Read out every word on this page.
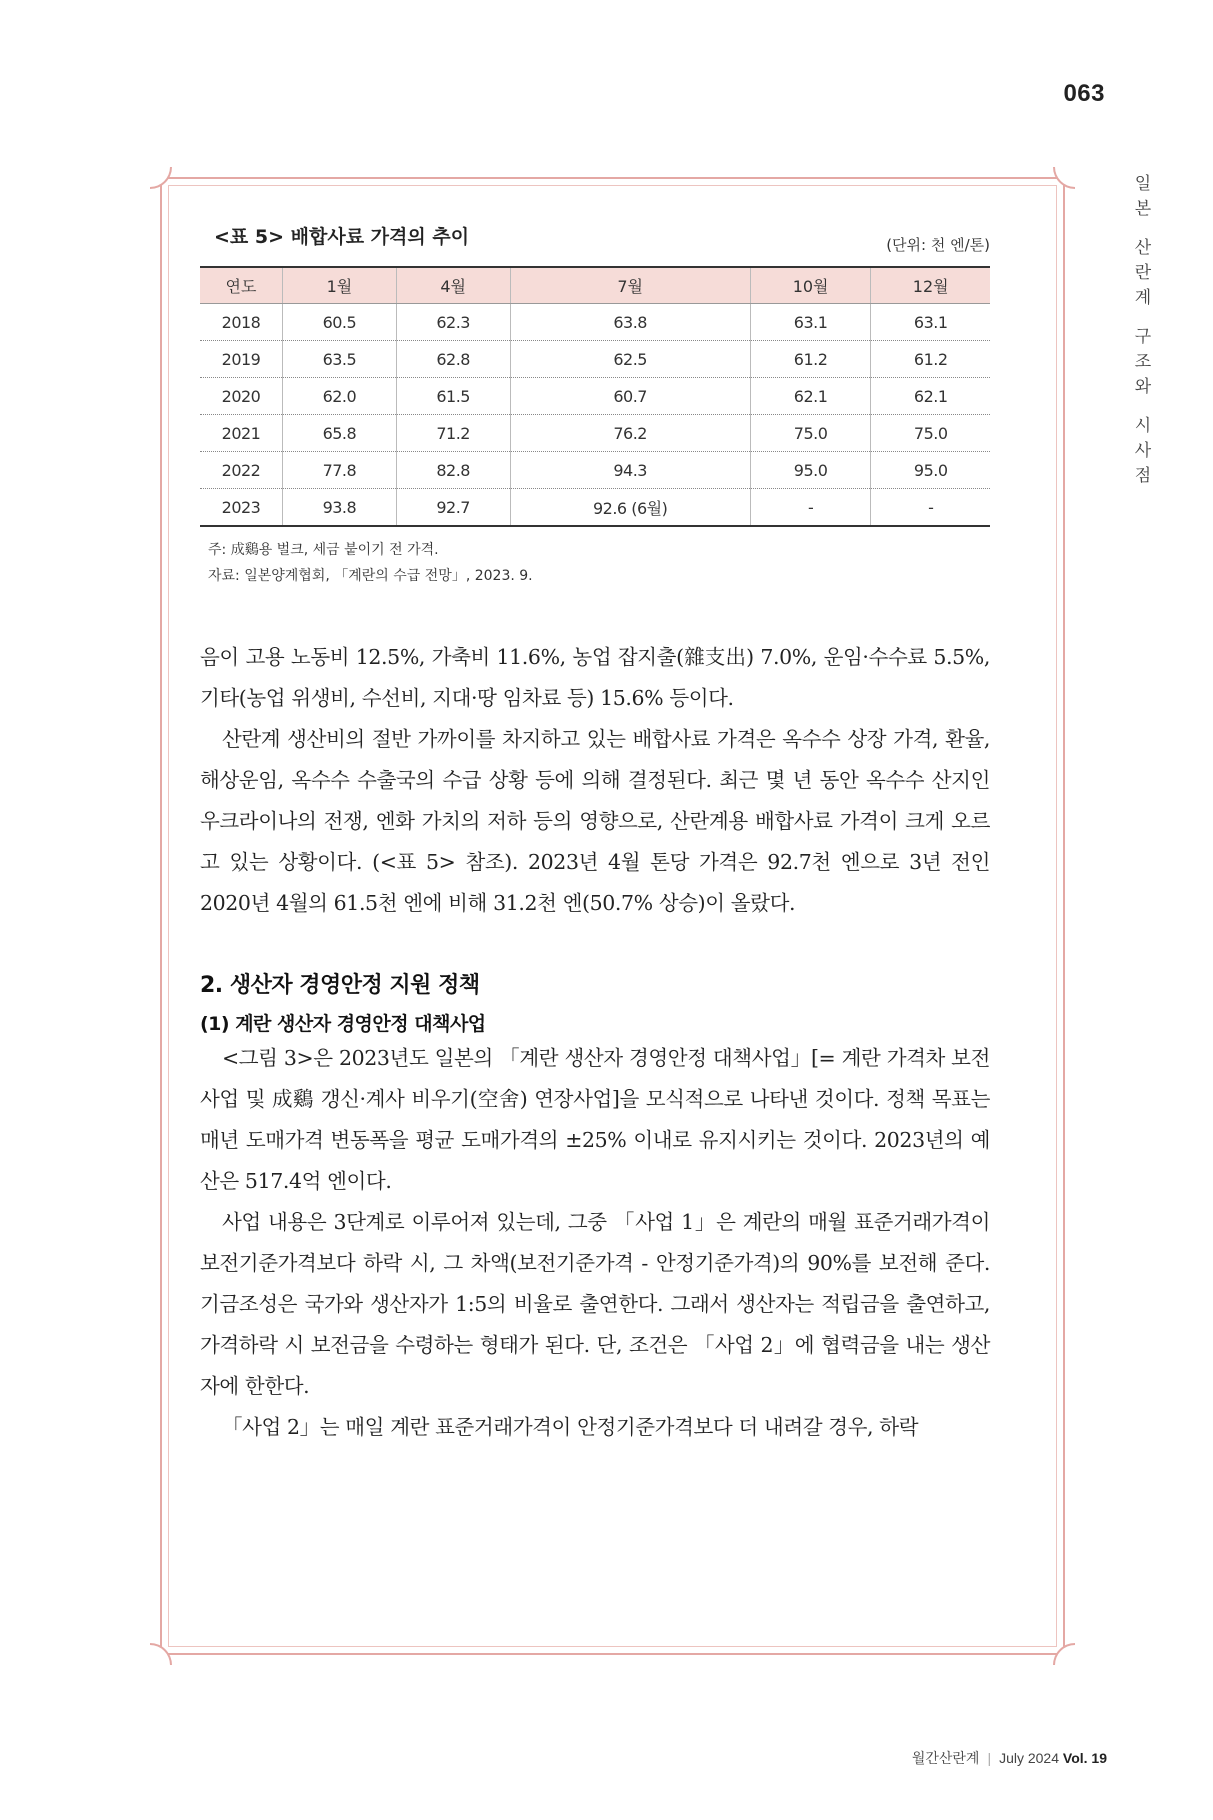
063
일
본
산
란
계
구
조
와
시
사
점
<표 5> 배합사료 가격의 추이	(단위: 천 엔/톤)
연도	1월	4월	7월	10월	12월
2018	60.5	62.3	63.8	63.1	63.1
2019	63.5	62.8	62.5	61.2	61.2
2020	62.0	61.5	60.7	62.1	62.1
2021	65.8	71.2	76.2	75.0	75.0
2022	77.8	82.8	94.3	95.0	95.0
2023	93.8	92.7	92.6 (6월)	-	-
주: 成鷄용 벌크, 세금 붙이기 전 가격.
자료: 일본양계협회, 「계란의 수급 전망」, 2023. 9.

음이 고용 노동비 12.5%, 가축비 11.6%, 농업 잡지출(雜支出) 7.0%, 운임·수수료 5.5%, 기타(농업 위생비, 수선비, 지대·땅 임차료 등) 15.6% 등이다.

산란계 생산비의 절반 가까이를 차지하고 있는 배합사료 가격은 옥수수 상장 가격, 환율, 해상운임, 옥수수 수출국의 수급 상황 등에 의해 결정된다. 최근 몇 년 동안 옥수수 산지인 우크라이나의 전쟁, 엔화 가치의 저하 등의 영향으로, 산란계용 배합사료 가격이 크게 오르고 있는 상황이다. (<표 5> 참조). 2023년 4월 톤당 가격은 92.7천 엔으로 3년 전인 2020년 4월의 61.5천 엔에 비해 31.2천 엔(50.7% 상승)이 올랐다.

2. 생산자 경영안정 지원 정책
(1) 계란 생산자 경영안정 대책사업

<그림 3>은 2023년도 일본의 「계란 생산자 경영안정 대책사업」[= 계란 가격차 보전 사업 및 成鷄 갱신·계사 비우기(空舍) 연장사업]을 모식적으로 나타낸 것이다. 정책 목표는 매년 도매가격 변동폭을 평균 도매가격의 ±25% 이내로 유지시키는 것이다. 2023년의 예산은 517.4억 엔이다.

사업 내용은 3단계로 이루어져 있는데, 그중 「사업 1」은 계란의 매월 표준거래가격이 보전기준가격보다 하락 시, 그 차액(보전기준가격 - 안정기준가격)의 90%를 보전해 준다. 기금조성은 국가와 생산자가 1:5의 비율로 출연한다. 그래서 생산자는 적립금을 출연하고, 가격하락 시 보전금을 수령하는 형태가 된다. 단, 조건은 「사업 2」에 협력금을 내는 생산자에 한한다.

「사업 2」는 매일 계란 표준거래가격이 안정기준가격보다 더 내려갈 경우, 하락

월간산란계 | July 2024 Vol. 19
